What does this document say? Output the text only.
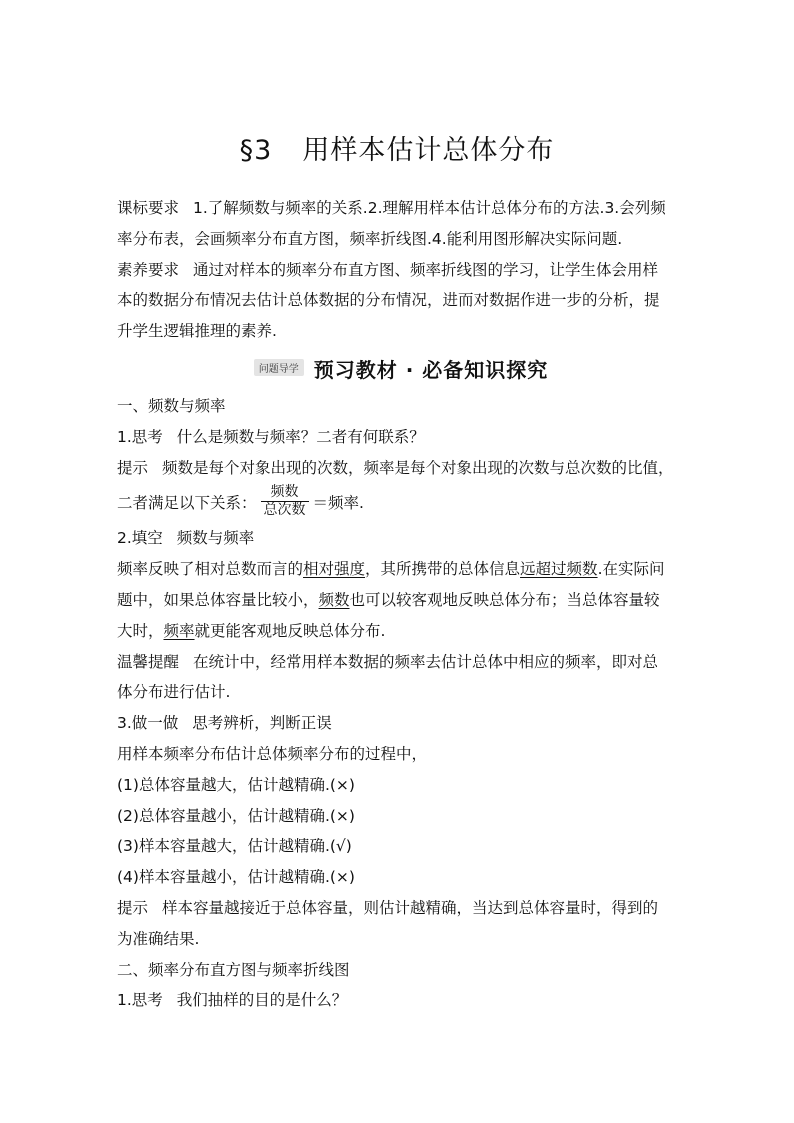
§3 用样本估计总体分布

课标要求 1.了解频数与频率的关系.2.理解用样本估计总体分布的方法.3.会列频
率分布表，会画频率分布直方图，频率折线图.4.能利用图形解决实际问题.

素养要求 通过对样本的频率分布直方图、频率折线图的学习，让学生体会用样
本的数据分布情况去估计总体数据的分布情况，进而对数据作进一步的分析，提
升学生逻辑推理的素养.

问题导学 预习教材 · 必备知识探究

一、频数与频率

1.思考 什么是频数与频率？二者有何联系？

提示 频数是每个对象出现的次数，频率是每个对象出现的次数与总次数的比值，

二者满足以下关系： $\frac{\text{频数}}{\text{总次数}}$ ＝频率.

2.填空 频数与频率

频率反映了相对总数而言的相对强度，其所携带的总体信息远超过频数.在实际问
题中，如果总体容量比较小，频数也可以较客观地反映总体分布；当总体容量较
大时，频率就更能客观地反映总体分布.

温馨提醒 在统计中，经常用样本数据的频率去估计总体中相应的频率，即对总
体分布进行估计.

3.做一做 思考辨析，判断正误

用样本频率分布估计总体频率分布的过程中，

(1)总体容量越大，估计越精确.(×)

(2)总体容量越小，估计越精确.(×)

(3)样本容量越大，估计越精确.(√)

(4)样本容量越小，估计越精确.(×)

提示 样本容量越接近于总体容量，则估计越精确，当达到总体容量时，得到的
为准确结果.

二、频率分布直方图与频率折线图

1.思考 我们抽样的目的是什么？
